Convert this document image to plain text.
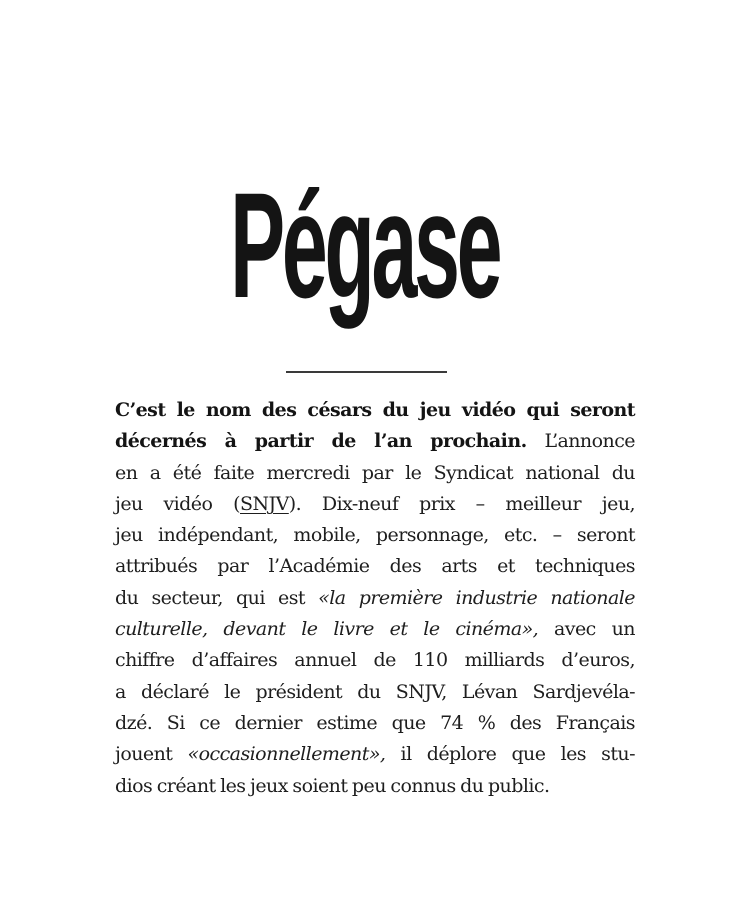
Pégase
C’est le nom des césars du jeu vidéo qui seront
décernés à partir de l’an prochain. L’annonce
en a été faite mercredi par le Syndicat national du
jeu vidéo (SNJV). Dix-neuf prix – meilleur jeu,
jeu indépendant, mobile, personnage, etc. – seront
attribués par l’Académie des arts et techniques
du secteur, qui est «la première industrie nationale
culturelle, devant le livre et le cinéma», avec un
chiffre d’affaires annuel de 110 milliards d’euros,
a déclaré le président du SNJV, Lévan Sardjevéla-
dzé. Si ce dernier estime que 74 % des Français
jouent «occasionnellement», il déplore que les stu-
dios créant les jeux soient peu connus du public.
